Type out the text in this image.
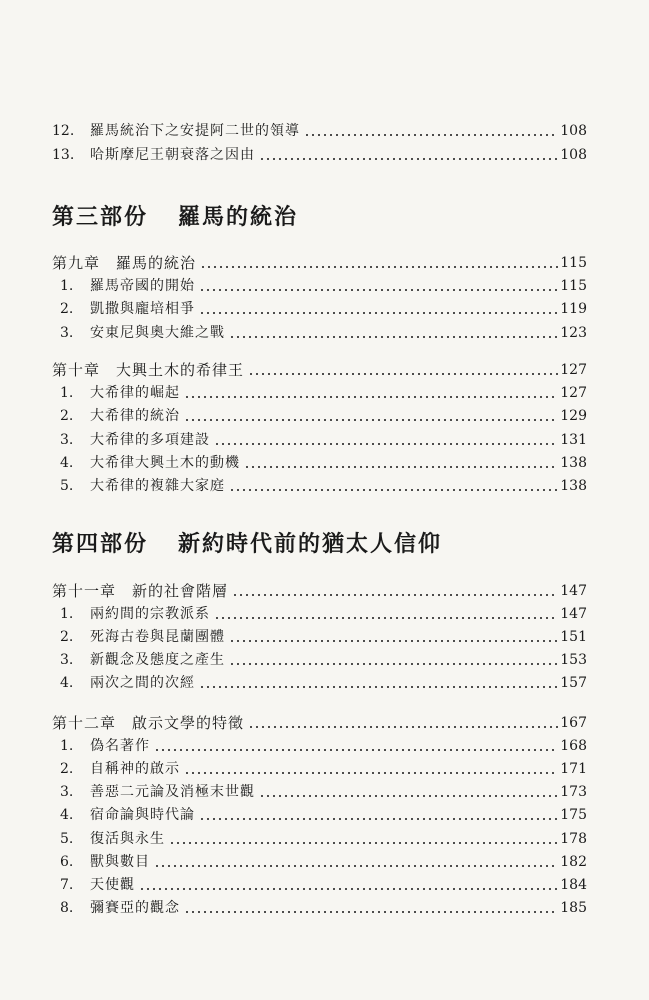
12.	羅馬統治下之安提阿二世的領導	108
13.	哈斯摩尼王朝衰落之因由	108
第三部份 羅馬的統治
第九章 羅馬的統治	115
1.	羅馬帝國的開始	115
2.	凱撒與龐培相爭	119
3.	安東尼與奧大維之戰	123
第十章 大興土木的希律王	127
1.	大希律的崛起	127
2.	大希律的統治	129
3.	大希律的多項建設	131
4.	大希律大興土木的動機	138
5.	大希律的複雜大家庭	138
第四部份 新約時代前的猶太人信仰
第十一章 新的社會階層	147
1.	兩約間的宗教派系	147
2.	死海古卷與昆蘭團體	151
3.	新觀念及態度之產生	153
4.	兩次之間的次經	157
第十二章 啟示文學的特徵	167
1.	偽名著作	168
2.	自稱神的啟示	171
3.	善惡二元論及消極末世觀	173
4.	宿命論與時代論	175
5.	復活與永生	178
6.	獸與數目	182
7.	天使觀	184
8.	彌賽亞的觀念	185
